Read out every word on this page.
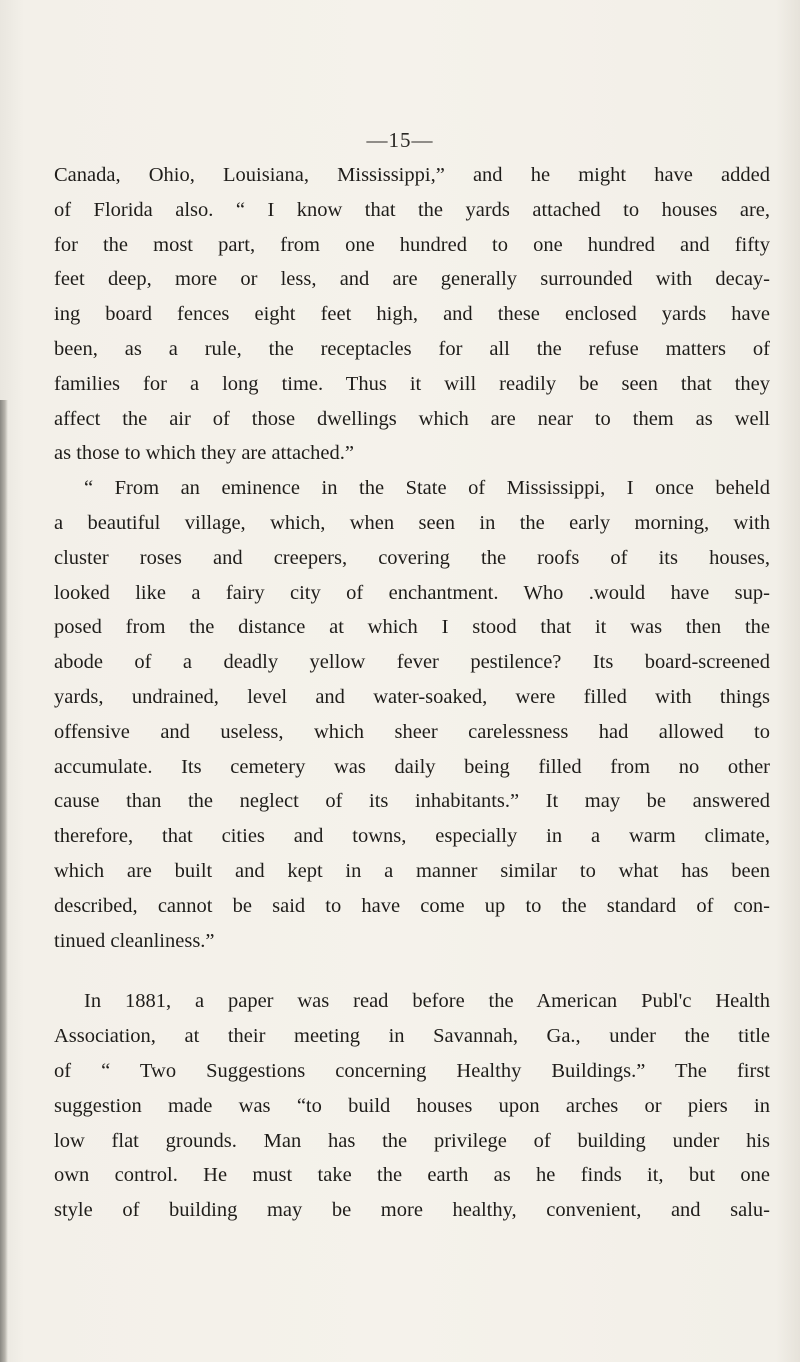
—15—
Canada, Ohio, Louisiana, Mississippi,” and he might have added
of Florida also. “ I know that the yards attached to houses are,
for the most part, from one hundred to one hundred and fifty
feet deep, more or less, and are generally surrounded with decay-
ing board fences eight feet high, and these enclosed yards have
been, as a rule, the receptacles for all the refuse matters of
families for a long time. Thus it will readily be seen that they
affect the air of those dwellings which are near to them as well
as those to which they are attached.”
“ From an eminence in the State of Mississippi, I once beheld
a beautiful village, which, when seen in the early morning, with
cluster roses and creepers, covering the roofs of its houses,
looked like a fairy city of enchantment. Who .would have sup-
posed from the distance at which I stood that it was then the
abode of a deadly yellow fever pestilence? Its board-screened
yards, undrained, level and water-soaked, were filled with things
offensive and useless, which sheer carelessness had allowed to
accumulate. Its cemetery was daily being filled from no other
cause than the neglect of its inhabitants.” It may be answered
therefore, that cities and towns, especially in a warm climate,
which are built and kept in a manner similar to what has been
described, cannot be said to have come up to the standard of con-
tinued cleanliness.”
In 1881, a paper was read before the American Publ'c Health
Association, at their meeting in Savannah, Ga., under the title
of “ Two Suggestions concerning Healthy Buildings.” The first
suggestion made was “to build houses upon arches or piers in
low flat grounds. Man has the privilege of building under his
own control. He must take the earth as he finds it, but one
style of building may be more healthy, convenient, and salu-
